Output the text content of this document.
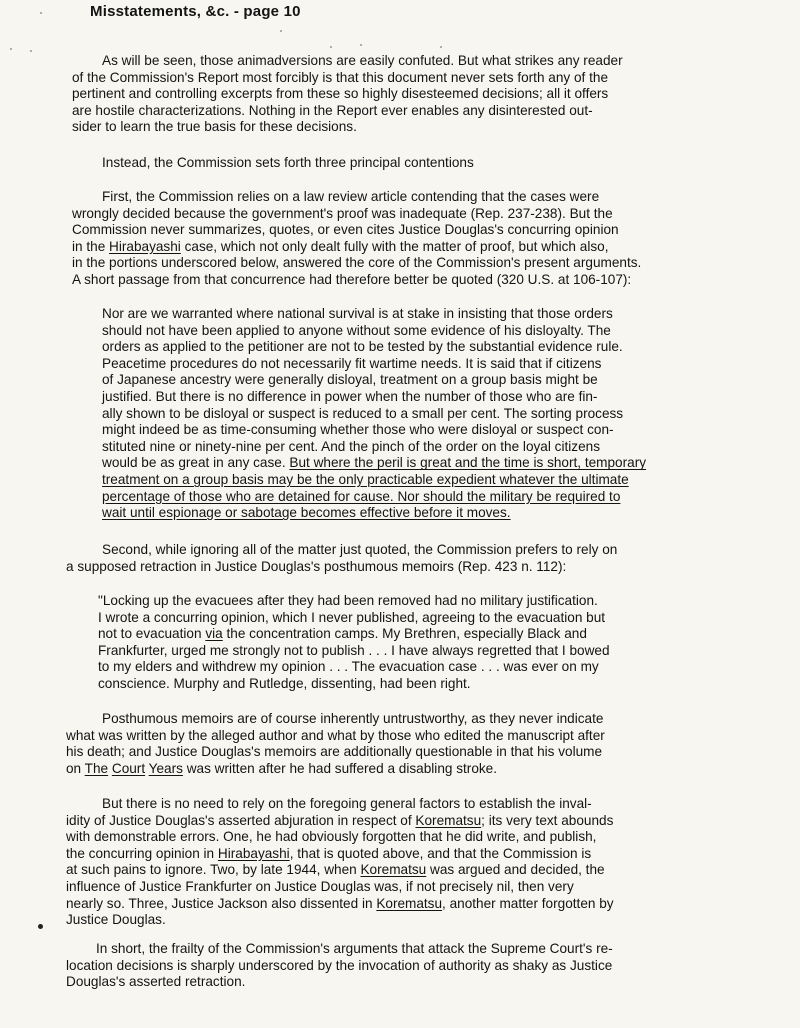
Misstatements, &c. - page 10

As will be seen, those animadversions are easily confuted. But what strikes any reader
of the Commission's Report most forcibly is that this document never sets forth any of the
pertinent and controlling excerpts from these so highly disesteemed decisions; all it offers
are hostile characterizations. Nothing in the Report ever enables any disinterested out-
sider to learn the true basis for these decisions.

Instead, the Commission sets forth three principal contentions

First, the Commission relies on a law review article contending that the cases were
wrongly decided because the government's proof was inadequate (Rep. 237-238). But the
Commission never summarizes, quotes, or even cites Justice Douglas's concurring opinion
in the Hirabayashi case, which not only dealt fully with the matter of proof, but which also,
in the portions underscored below, answered the core of the Commission's present arguments.
A short passage from that concurrence had therefore better be quoted (320 U.S. at 106-107):

Nor are we warranted where national survival is at stake in insisting that those orders
should not have been applied to anyone without some evidence of his disloyalty. The
orders as applied to the petitioner are not to be tested by the substantial evidence rule.
Peacetime procedures do not necessarily fit wartime needs. It is said that if citizens
of Japanese ancestry were generally disloyal, treatment on a group basis might be
justified. But there is no difference in power when the number of those who are fin-
ally shown to be disloyal or suspect is reduced to a small per cent. The sorting process
might indeed be as time-consuming whether those who were disloyal or suspect con-
stituted nine or ninety-nine per cent. And the pinch of the order on the loyal citizens
would be as great in any case. But where the peril is great and the time is short, temporary
treatment on a group basis may be the only practicable expedient whatever the ultimate
percentage of those who are detained for cause. Nor should the military be required to
wait until espionage or sabotage becomes effective before it moves.

Second, while ignoring all of the matter just quoted, the Commission prefers to rely on
a supposed retraction in Justice Douglas's posthumous memoirs (Rep. 423 n. 112):

"Locking up the evacuees after they had been removed had no military justification.
I wrote a concurring opinion, which I never published, agreeing to the evacuation but
not to evacuation via the concentration camps. My Brethren, especially Black and
Frankfurter, urged me strongly not to publish . . . I have always regretted that I bowed
to my elders and withdrew my opinion . . . The evacuation case . . . was ever on my
conscience. Murphy and Rutledge, dissenting, had been right.

Posthumous memoirs are of course inherently untrustworthy, as they never indicate
what was written by the alleged author and what by those who edited the manuscript after
his death; and Justice Douglas's memoirs are additionally questionable in that his volume
on The Court Years was written after he had suffered a disabling stroke.

But there is no need to rely on the foregoing general factors to establish the inval-
idity of Justice Douglas's asserted abjuration in respect of Korematsu; its very text abounds
with demonstrable errors. One, he had obviously forgotten that he did write, and publish,
the concurring opinion in Hirabayashi, that is quoted above, and that the Commission is
at such pains to ignore. Two, by late 1944, when Korematsu was argued and decided, the
influence of Justice Frankfurter on Justice Douglas was, if not precisely nil, then very
nearly so. Three, Justice Jackson also dissented in Korematsu, another matter forgotten by
Justice Douglas.

In short, the frailty of the Commission's arguments that attack the Supreme Court's re-
location decisions is sharply underscored by the invocation of authority as shaky as Justice
Douglas's asserted retraction.
